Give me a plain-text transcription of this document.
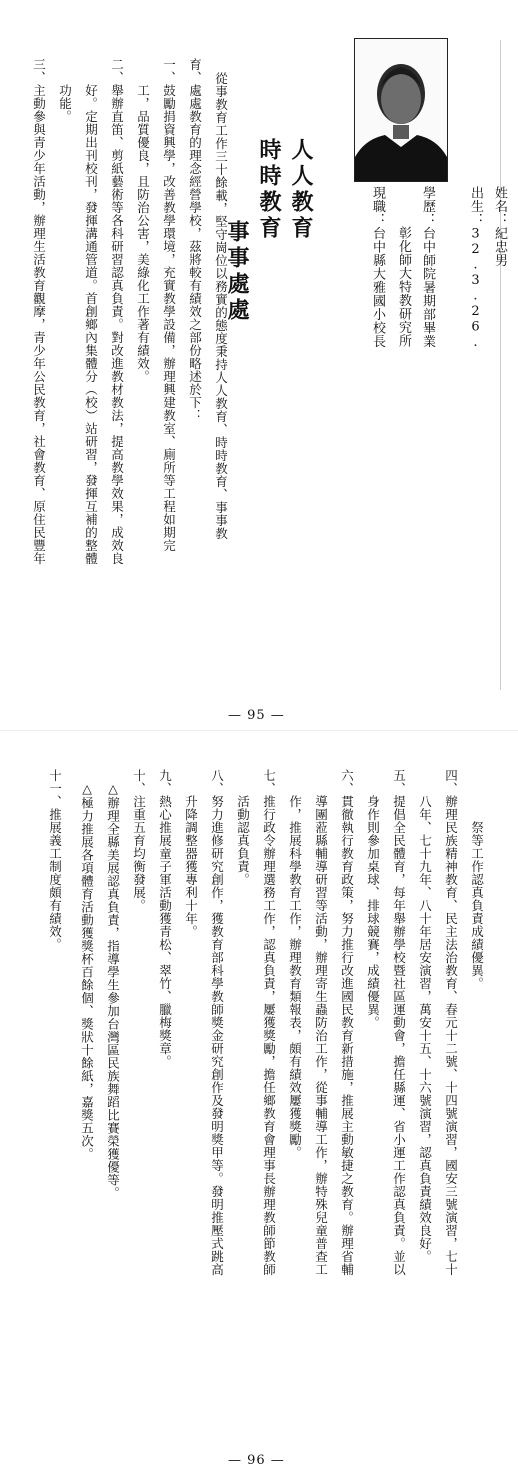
姓名：紀忠男
出生：32.3.26.
學歷：台中師院暑期部畢業
彰化師大特教研究所
現職：台中縣大雅國小校長
人人教育
時時教育
事事處處
從事教育工作三十餘載，堅守崗位以務實的態度秉持人人教育、時時教育、事事教
育、處處教育的理念經營學校，茲將較有績效之部份略述於下：
一、鼓勵捐資興學，改善教學環境，充實教學設備，辦理興建教室、廁所等工程如期完
工，品質優良，且防治公害，美綠化工作著有績效。
二、舉辦直笛、剪紙藝術等各科研習認真負責。對改進教材教法，提高教學效果，成效良
好。定期出刊校刊，發揮溝通管道。首創鄉內集體分（校）站研習，發揮互補的整體
功能。
三、主動參與青少年活動，辦理生活教育觀摩，青少年公民教育，社會教育、原住民豐年
— 95 —
祭等工作認真負責成績優異。
四、辦理民族精神教育、民主法治教育、春元十二號、十四號演習，國安三號演習，七十
八年、七十九年、八十年居安演習，萬安十五、十六號演習，認真負責績效良好。
五、提倡全民體育，每年舉辦學校暨社區運動會，擔任縣運、省小運工作認真負責。並以
身作則參加桌球、排球競賽，成績優異。
六、貫徹執行教育政策，努力推行改進國民教育新措施，推展主動敏捷之教育。辦理省輔
導團蒞縣輔導研習等活動，辦理寄生蟲防治工作，從事輔導工作，辦特殊兒童普查工
作，推展科學教育工作，辦理教育類報表，頗有績效屢獲獎勵。
七、推行政令辦理選務工作，認真負責，屢獲獎勵，擔任鄉教育會理事長辦理教師節教師
活動認真負責。
八、努力進修研究創作，獲教育部科學教師獎金研究創作及發明獎甲等。發明推壓式跳高
升降調整器獲專利十年。
九、熱心推展童子軍活動獲青松、翠竹、臘梅獎章。
十、注重五育均衡發展。
△辦理全縣美展認真負責，指導學生參加台灣區民族舞蹈比賽榮獲優等。
△極力推展各項體育活動獲獎杯百餘個、獎狀十餘紙，嘉獎五次。
十一、推展義工制度頗有績效。
— 96 —
